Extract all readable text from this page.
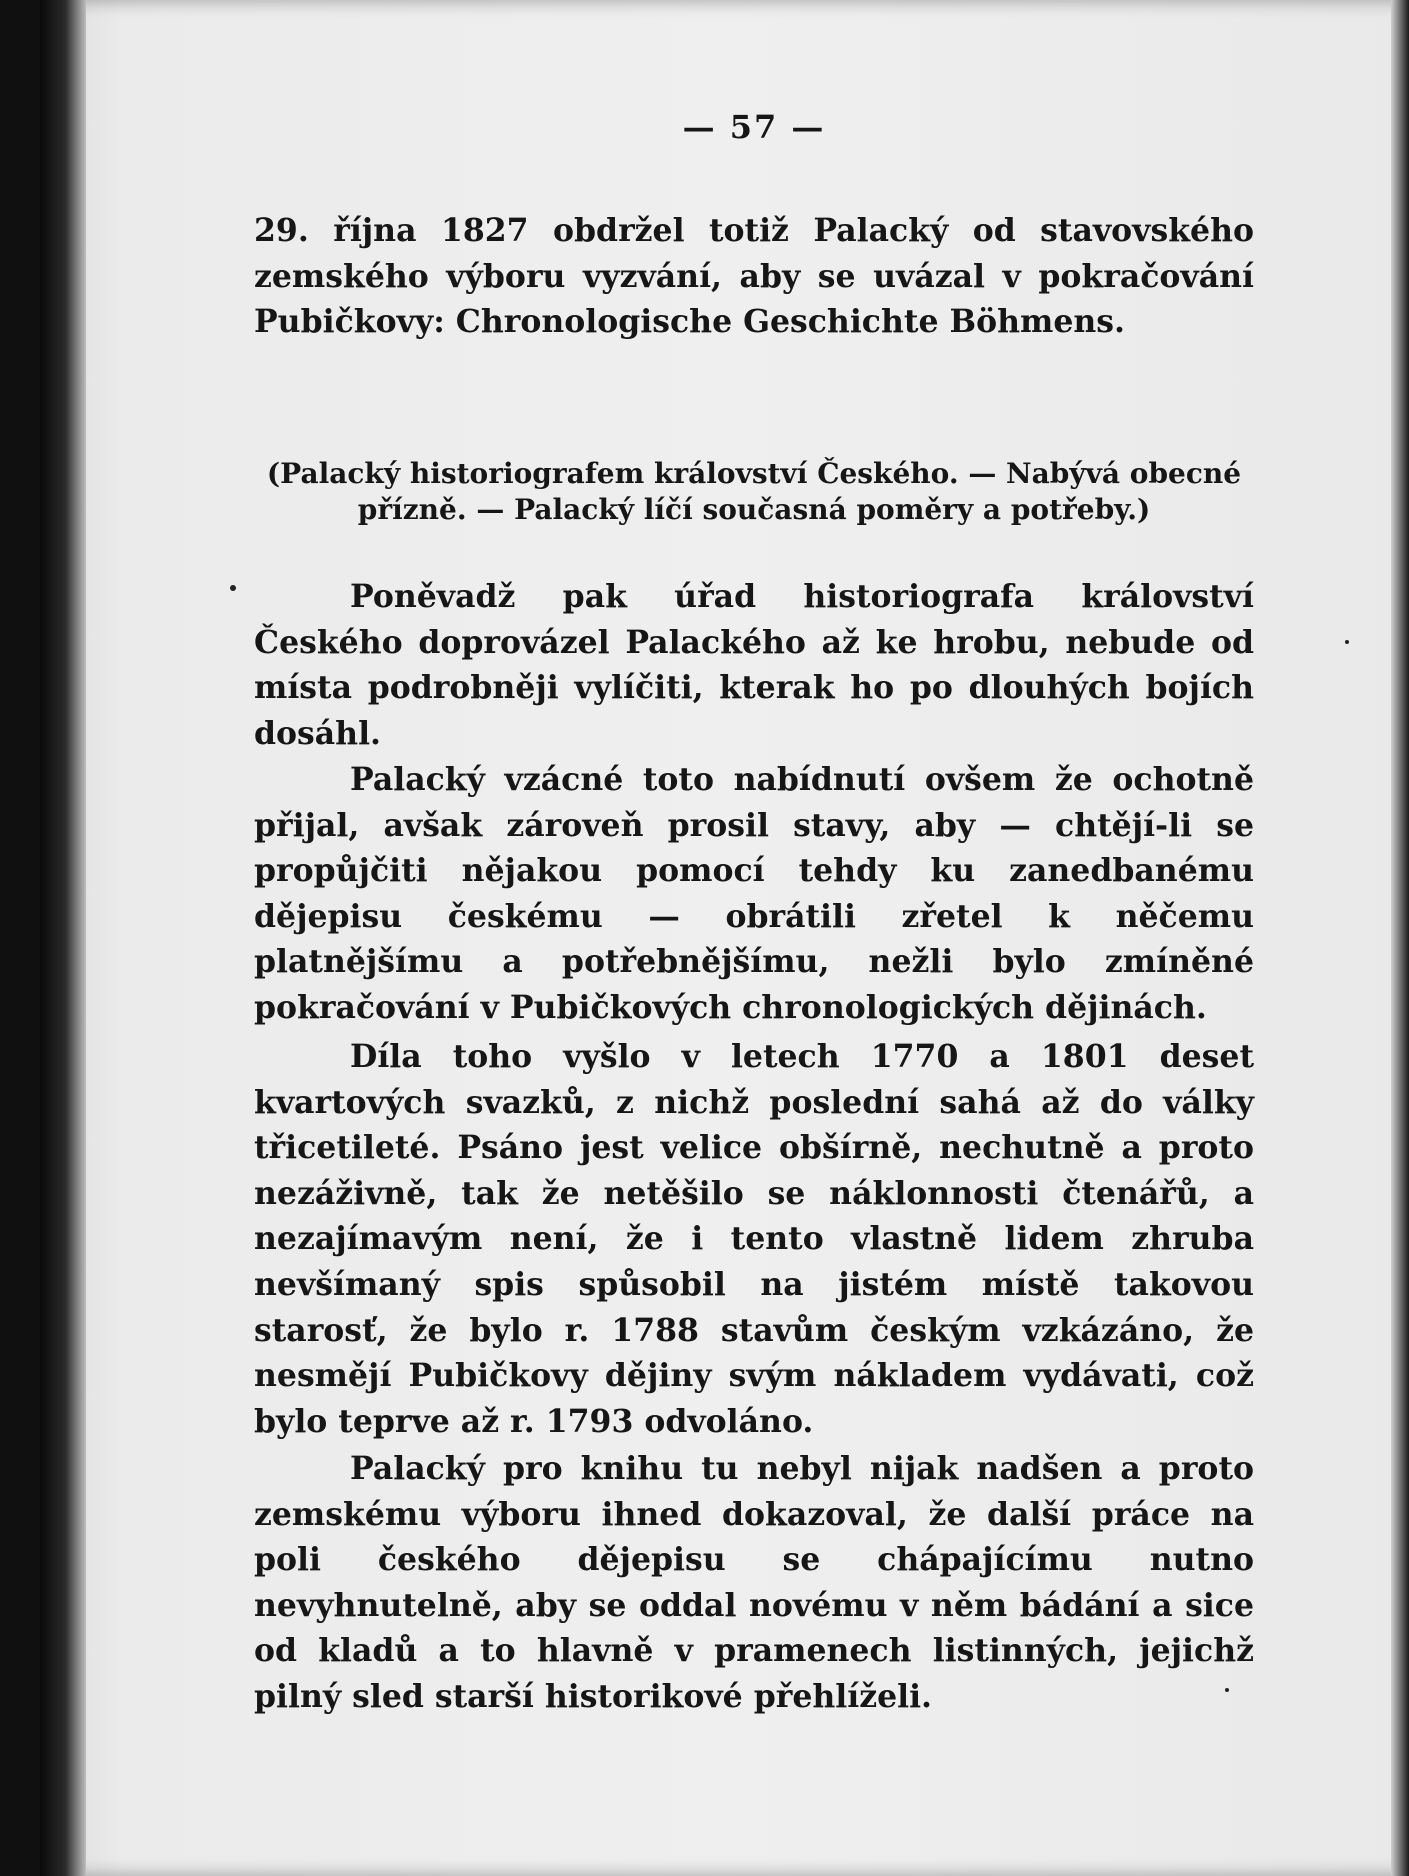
— 57 —

29. října 1827 obdržel totiž Palacký od stavovského zemského výboru vyzvání, aby se uvázal v pokračování Pubičkovy: Chronologische Geschichte Böhmens.

(Palacký historiografem království Českého. — Nabývá obecné přízně. — Palacký líčí současná poměry a potřeby.)

Poněvadž pak úřad historiografa království Českého doprovázel Palackého až ke hrobu, nebude od místa podrobněji vylíčiti, kterak ho po dlouhých bojích dosáhl.

Palacký vzácné toto nabídnutí ovšem že ochotně přijal, avšak zároveň prosil stavy, aby — chtějí-li se propůjčiti nějakou pomocí tehdy ku zanedbanému dějepisu českému — obrátili zřetel k něčemu platnějšímu a potřebnějšímu, nežli bylo zmíněné pokračování v Pubičkových chronologických dějinách.

Díla toho vyšlo v letech 1770 a 1801 deset kvartových svazků, z nichž poslední sahá až do války třicetileté. Psáno jest velice obšírně, nechutně a proto nezáživně, tak že netěšilo se náklonnosti čtenářů, a nezajímavým není, že i tento vlastně lidem zhruba nevšímaný spis spůsobil na jistém místě takovou starosť, že bylo r. 1788 stavům českým vzkázáno, že nesmějí Pubičkovy dějiny svým nákladem vydávati, což bylo teprve až r. 1793 odvoláno.

Palacký pro knihu tu nebyl nijak nadšen a proto zemskému výboru ihned dokazoval, že další práce na poli českého dějepisu se chápajícímu nutno nevyhnutelně, aby se oddal novému v něm bádání a sice od kladů a to hlavně v pramenech listinných, jejichž pilný sled starší historikové přehlíželi.
